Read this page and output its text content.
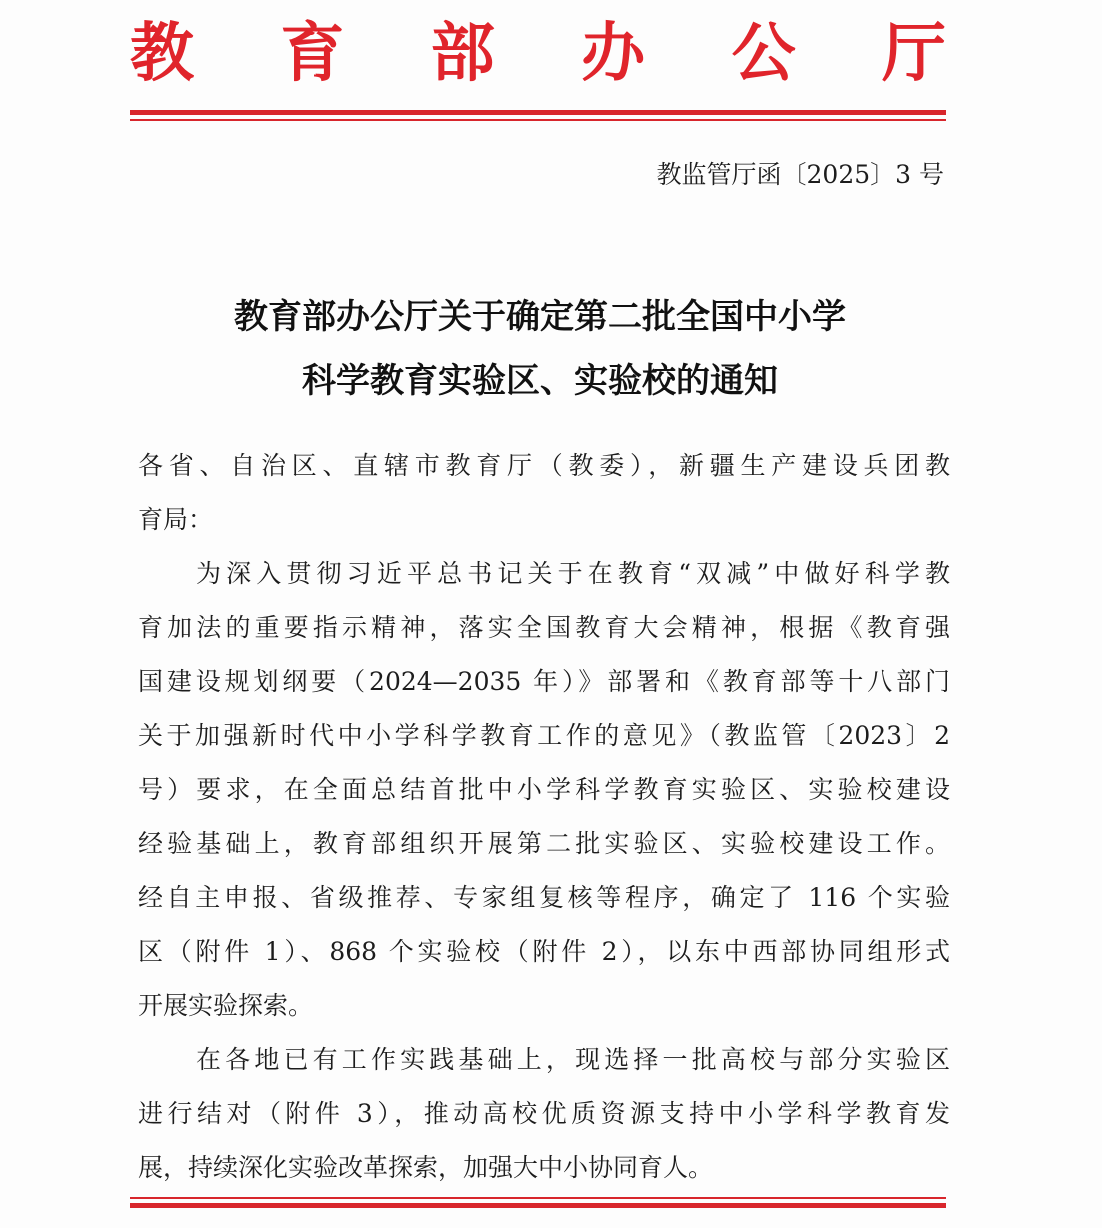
教 育 部 办 公 厅
教监管厅函〔2025〕3 号
教育部办公厅关于确定第二批全国中小学
科学教育实验区、实验校的通知
各省、自治区、直辖市教育厅（教委），新疆生产建设兵团教
育局：
为深入贯彻习近平总书记关于在教育“双减”中做好科学教
育加法的重要指示精神，落实全国教育大会精神，根据《教育强
国建设规划纲要（2024—2035 年）》部署和《教育部等十八部门
关于加强新时代中小学科学教育工作的意见》（教监管〔2023〕2
号）要求，在全面总结首批中小学科学教育实验区、实验校建设
经验基础上，教育部组织开展第二批实验区、实验校建设工作。
经自主申报、省级推荐、专家组复核等程序，确定了 116 个实验
区（附件 1）、868 个实验校（附件 2），以东中西部协同组形式
开展实验探索。
在各地已有工作实践基础上，现选择一批高校与部分实验区
进行结对（附件 3），推动高校优质资源支持中小学科学教育发
展，持续深化实验改革探索，加强大中小协同育人。
